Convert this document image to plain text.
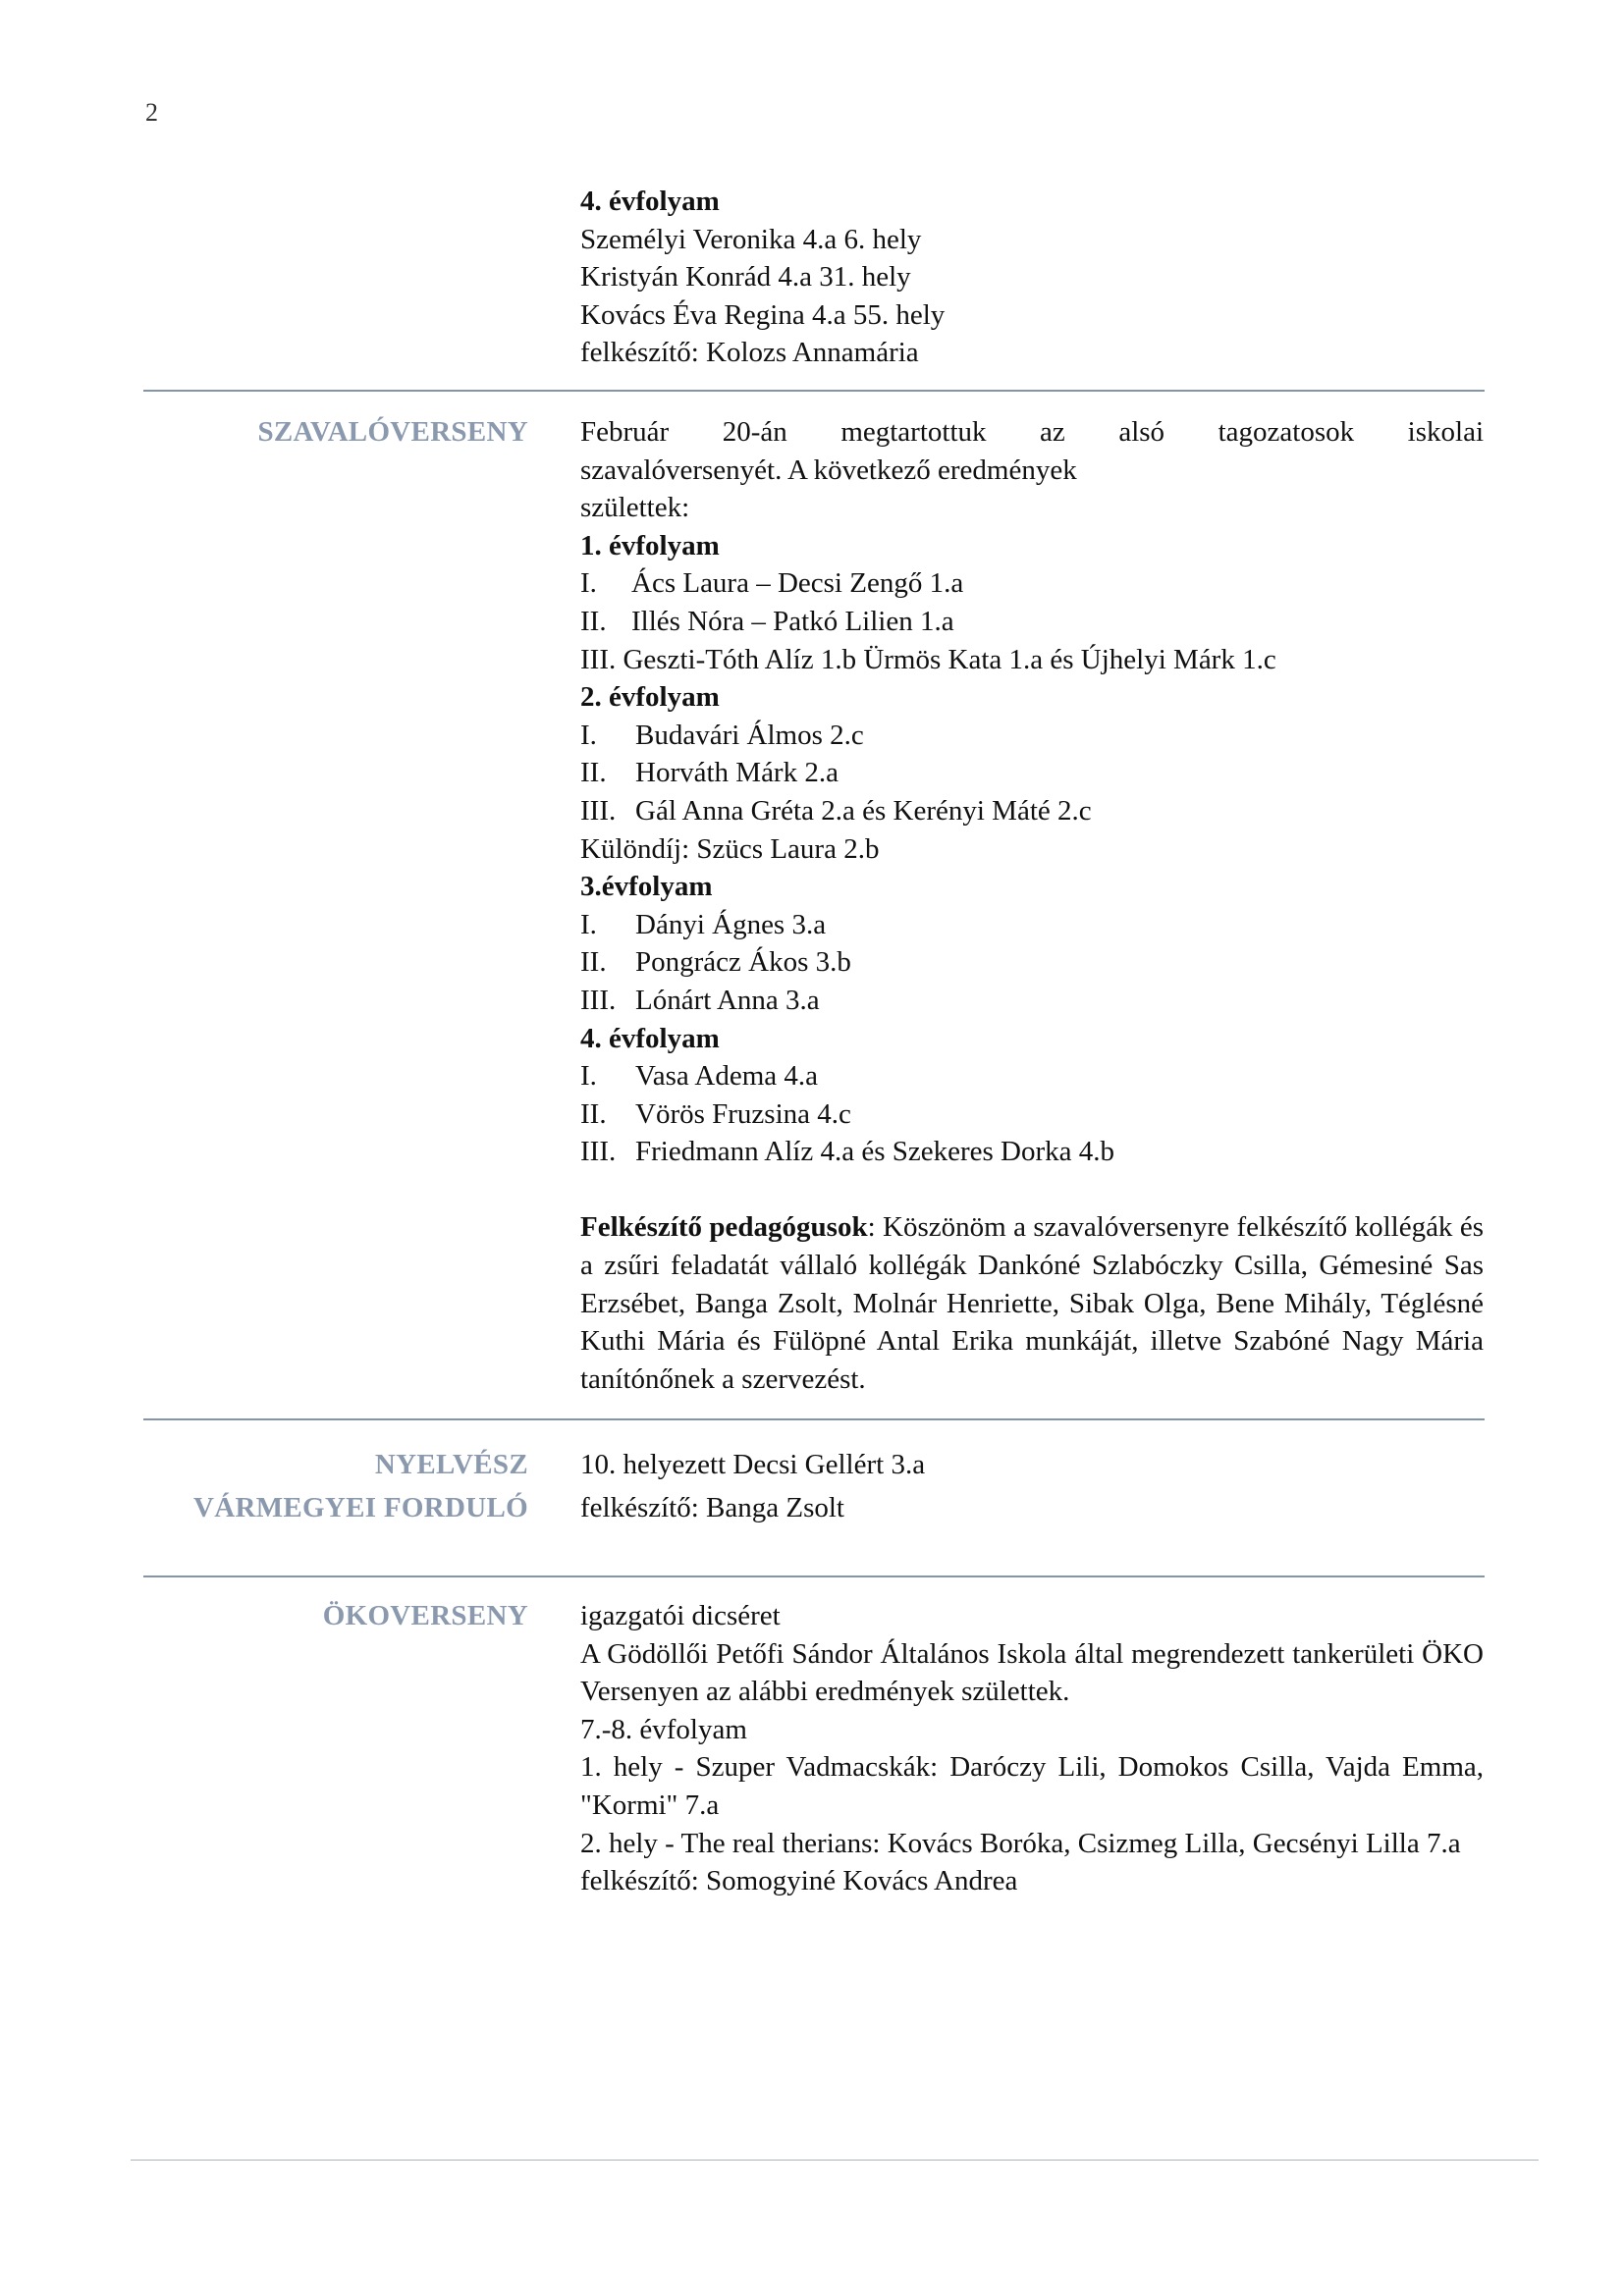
2
4. évfolyam
Személyi Veronika 4.a 6. hely
Kristyán Konrád 4.a 31. hely
Kovács Éva Regina 4.a 55. hely
felkészítő: Kolozs Annamária
SZAVALÓVERSENY Február 20-án megtartottuk az alsó tagozatosok iskolai
szavalóversenyét. A következő eredmények
születtek:
1. évfolyam
I. Ács Laura – Decsi Zengő 1.a
II. Illés Nóra – Patkó Lilien 1.a
III. Geszti-Tóth Alíz 1.b Ürmös Kata 1.a és Újhelyi Márk 1.c
2. évfolyam
I. Budavári Álmos 2.c
II. Horváth Márk 2.a
III. Gál Anna Gréta 2.a és Kerényi Máté 2.c
Különdíj: Szücs Laura 2.b
3.évfolyam
I. Dányi Ágnes 3.a
II. Pongrácz Ákos 3.b
III. Lónárt Anna 3.a
4. évfolyam
I. Vasa Adema 4.a
II. Vörös Fruzsina 4.c
III. Friedmann Alíz 4.a és Szekeres Dorka 4.b
Felkészítő pedagógusok: Köszönöm a szavalóversenyre felkészítő kollégák és a zsűri feladatát vállaló kollégák Dankóné Szlabóczky Csilla, Gémesiné Sas Erzsébet, Banga Zsolt, Molnár Henriette, Sibak Olga, Bene Mihály, Téglésné Kuthi Mária és Fülöpné Antal Erika munkáját, illetve Szabóné Nagy Mária tanítónőnek a szervezést.
NYELVÉSZ
VÁRMEGYEI FORDULÓ
10. helyezett Decsi Gellért 3.a
felkészítő: Banga Zsolt
ÖKOVERSENY igazgatói dicséret
A Gödöllői Petőfi Sándor Általános Iskola által megrendezett tankerületi ÖKO Versenyen az alábbi eredmények születtek.
7.-8. évfolyam
1. hely - Szuper Vadmacskák: Daróczy Lili, Domokos Csilla, Vajda Emma, "Kormi" 7.a
2. hely - The real therians: Kovács Boróka, Csizmeg Lilla, Gecsényi Lilla 7.a
felkészítő: Somogyiné Kovács Andrea
